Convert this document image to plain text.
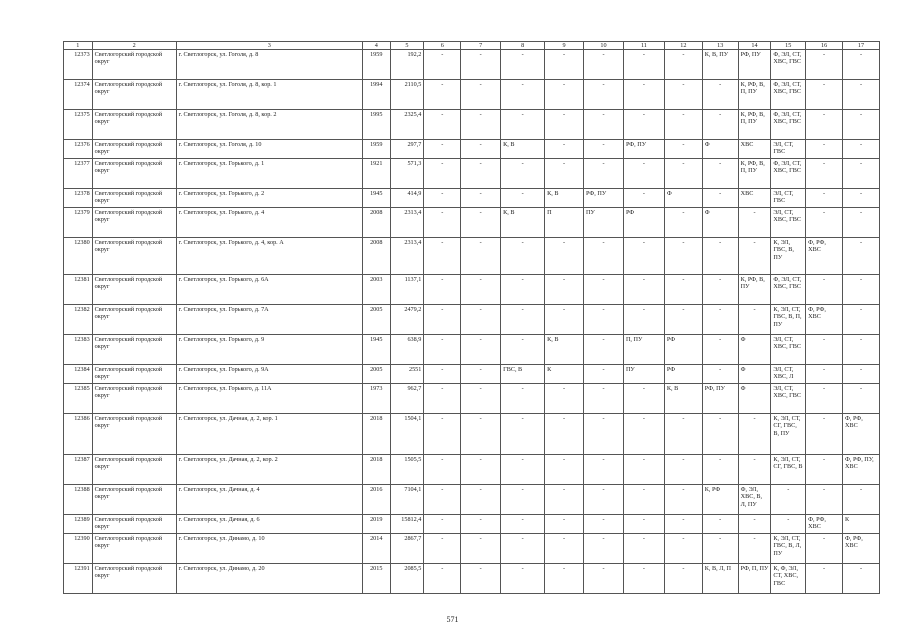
1	2	3	4	5	6	7	8	9	10	11	12	13	14	15	16	17
12373	Светлогорский городской округ	г. Светлогорск, ул. Гоголя, д. 8	1959	192,2	-	-	-	-	-	-	-	К, В, ПУ	РФ, ПУ	Ф, ЭЛ, СТ, ХВС, ГВС	-	-
12374	Светлогорский городской округ	г. Светлогорск, ул. Гоголя, д. 8, кор. 1	1994	2110,5	-	-	-	-	-	-	-	-	К, РФ, В, П, ПУ	Ф, ЭЛ, СТ, ХВС, ГВС	-	-
12375	Светлогорский городской округ	г. Светлогорск, ул. Гоголя, д. 8, кор. 2	1995	2325,4	-	-	-	-	-	-	-	-	К, РФ, В, П, ПУ	Ф, ЭЛ, СТ, ХВС, ГВС	-	-
12376	Светлогорский городской округ	г. Светлогорск, ул. Гоголя, д. 10	1959	297,7	-	-	К, В	-	-	РФ, ПУ	-	Ф	ХВС	ЭЛ, СТ, ГВС	-	-
12377	Светлогорский городской округ	г. Светлогорск, ул. Горького, д. 1	1921	571,3	-	-	-	-	-	-	-	-	К, РФ, В, П, ПУ	Ф, ЭЛ, СТ, ХВС, ГВС	-	-
12378	Светлогорский городской округ	г. Светлогорск, ул. Горького, д. 2	1945	414,9	-	-	-	К, В	РФ, ПУ	-	Ф	-	ХВС	ЭЛ, СТ, ГВС	-	-
12379	Светлогорский городской округ	г. Светлогорск, ул. Горького, д. 4	2008	2313,4	-	-	К, В	П	ПУ	РФ	-	Ф	-	ЭЛ, СТ, ХВС, ГВС	-	-
12380	Светлогорский городской округ	г. Светлогорск, ул. Горького, д. 4, кор. А	2008	2313,4	-	-	-	-	-	-	-	-	-	К, ЭЛ, ГВС, В, ПУ	Ф, РФ, ХВС	-
12381	Светлогорский городской округ	г. Светлогорск, ул. Горького, д. 6А	2003	1137,1	-	-	-	-	-	-	-	-	К, РФ, В, ПУ	Ф, ЭЛ, СТ, ХВС, ГВС	-	-
12382	Светлогорский городской округ	г. Светлогорск, ул. Горького, д. 7А	2005	2479,2	-	-	-	-	-	-	-	-	-	К, ЭЛ, СТ, ГВС, В, П, ПУ	Ф, РФ, ХВС	-
12383	Светлогорский городской округ	г. Светлогорск, ул. Горького, д. 9	1945	638,9	-	-	-	К, В	-	П, ПУ	РФ	-	Ф	ЭЛ, СТ, ХВС, ГВС	-	-
12384	Светлогорский городской округ	г. Светлогорск, ул. Горького, д. 9А	2005	2551	-	-	ГВС, В	К	-	ПУ	РФ	-	Ф	ЭЛ, СТ, ХВС, Л	-	-
12385	Светлогорский городской округ	г. Светлогорск, ул. Горького, д. 11А	1973	962,7	-	-	-	-	-	-	К, В	РФ, ПУ	Ф	ЭЛ, СТ, ХВС, ГВС	-	-
12386	Светлогорский городской округ	г. Светлогорск, ул. Дачная, д. 2, кор. 1	2018	1504,1	-	-	-	-	-	-	-	-	-	К, ЭЛ, СТ, СГ, ГВС, В, ПУ	-	Ф, РФ, ХВС
12387	Светлогорский городской округ	г. Светлогорск, ул. Дачная, д. 2, кор. 2	2018	1505,5	-	-	-	-	-	-	-	-	-	К, ЭЛ, СТ, СГ, ГВС, В	-	Ф, РФ, ПУ, ХВС
12388	Светлогорский городской округ	г. Светлогорск, ул. Дачная, д. 4	2016	7104,1	-	-	-	-	-	-	-	К, РФ	Ф, ЭЛ, ХВС, В, Л, ПУ	-	-	-
12389	Светлогорский городской округ	г. Светлогорск, ул. Дачная, д. 6	2019	15812,4	-	-	-	-	-	-	-	-	-	-	Ф, РФ, ХВС	К
12390	Светлогорский городской округ	г. Светлогорск, ул. Динамо, д. 10	2014	2867,7	-	-	-	-	-	-	-	-	-	К, ЭЛ, СТ, ГВС, В, Л, ПУ	-	Ф, РФ, ХВС
12391	Светлогорский городской округ	г. Светлогорск, ул. Динамо, д. 20	2015	2085,5	-	-	-	-	-	-	-	К, В, Л, П	РФ, П, ПУ	К, Ф, ЭЛ, СТ, ХВС, ГВС	-	-
571
